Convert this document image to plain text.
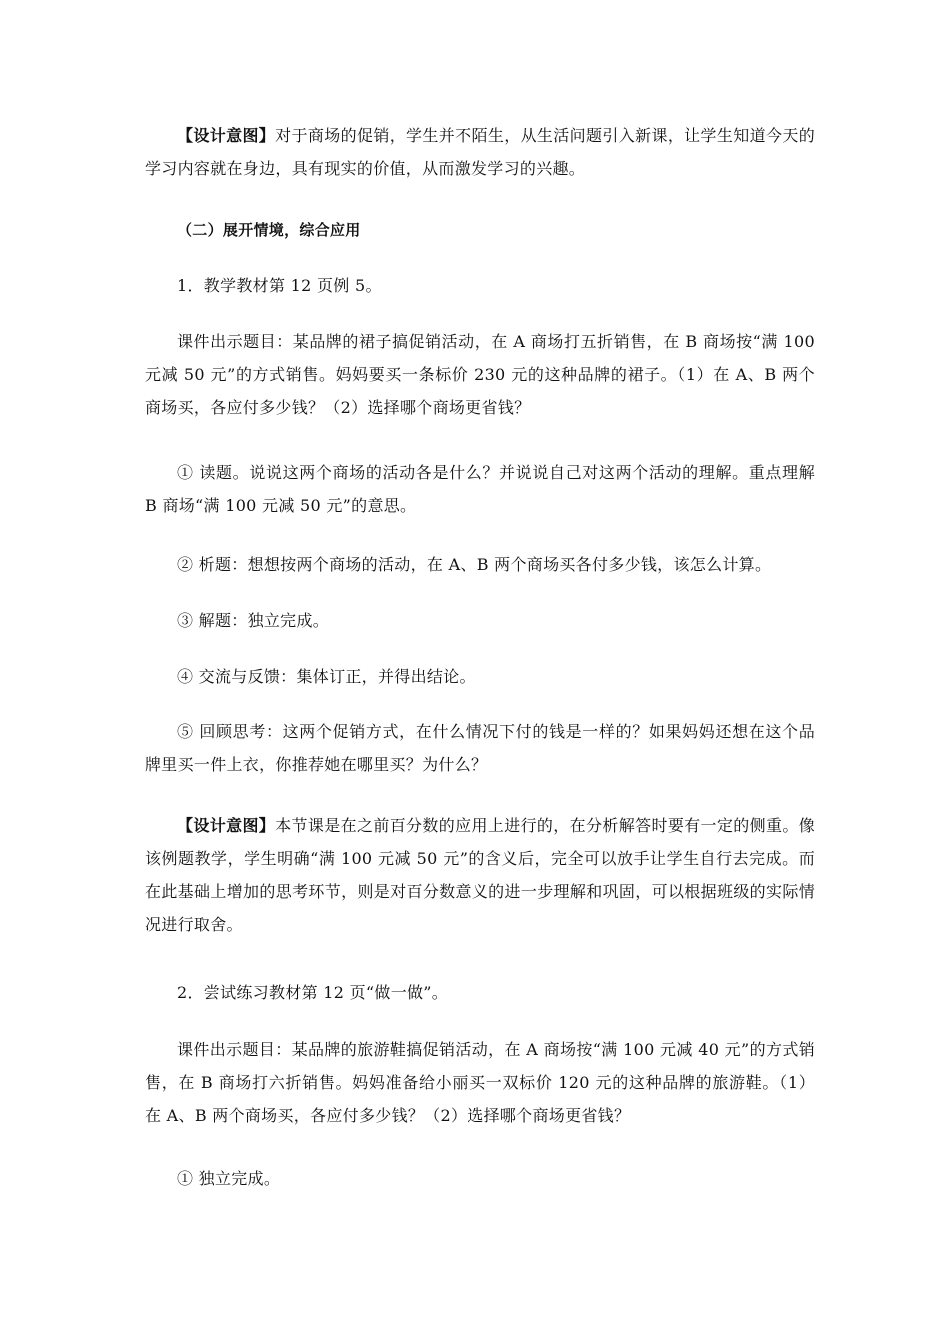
【设计意图】对于商场的促销，学生并不陌生，从生活问题引入新课，让学生知道今天的学习内容就在身边，具有现实的价值，从而激发学习的兴趣。

（二）展开情境，综合应用

1．教学教材第 12 页例 5。

课件出示题目：某品牌的裙子搞促销活动，在 A 商场打五折销售，在 B 商场按“满 100 元减 50 元”的方式销售。妈妈要买一条标价 230 元的这种品牌的裙子。（1）在 A、B 两个商场买，各应付多少钱？（2）选择哪个商场更省钱？

① 读题。说说这两个商场的活动各是什么？并说说自己对这两个活动的理解。重点理解 B 商场“满 100 元减 50 元”的意思。

② 析题：想想按两个商场的活动，在 A、B 两个商场买各付多少钱，该怎么计算。

③ 解题：独立完成。

④ 交流与反馈：集体订正，并得出结论。

⑤ 回顾思考：这两个促销方式，在什么情况下付的钱是一样的？如果妈妈还想在这个品牌里买一件上衣，你推荐她在哪里买？为什么？

【设计意图】本节课是在之前百分数的应用上进行的，在分析解答时要有一定的侧重。像该例题教学，学生明确“满 100 元减 50 元”的含义后，完全可以放手让学生自行去完成。而在此基础上增加的思考环节，则是对百分数意义的进一步理解和巩固，可以根据班级的实际情况进行取舍。

2．尝试练习教材第 12 页“做一做”。

课件出示题目：某品牌的旅游鞋搞促销活动，在 A 商场按“满 100 元减 40 元”的方式销售，在 B 商场打六折销售。妈妈准备给小丽买一双标价 120 元的这种品牌的旅游鞋。（1）在 A、B 两个商场买，各应付多少钱？（2）选择哪个商场更省钱？

① 独立完成。
